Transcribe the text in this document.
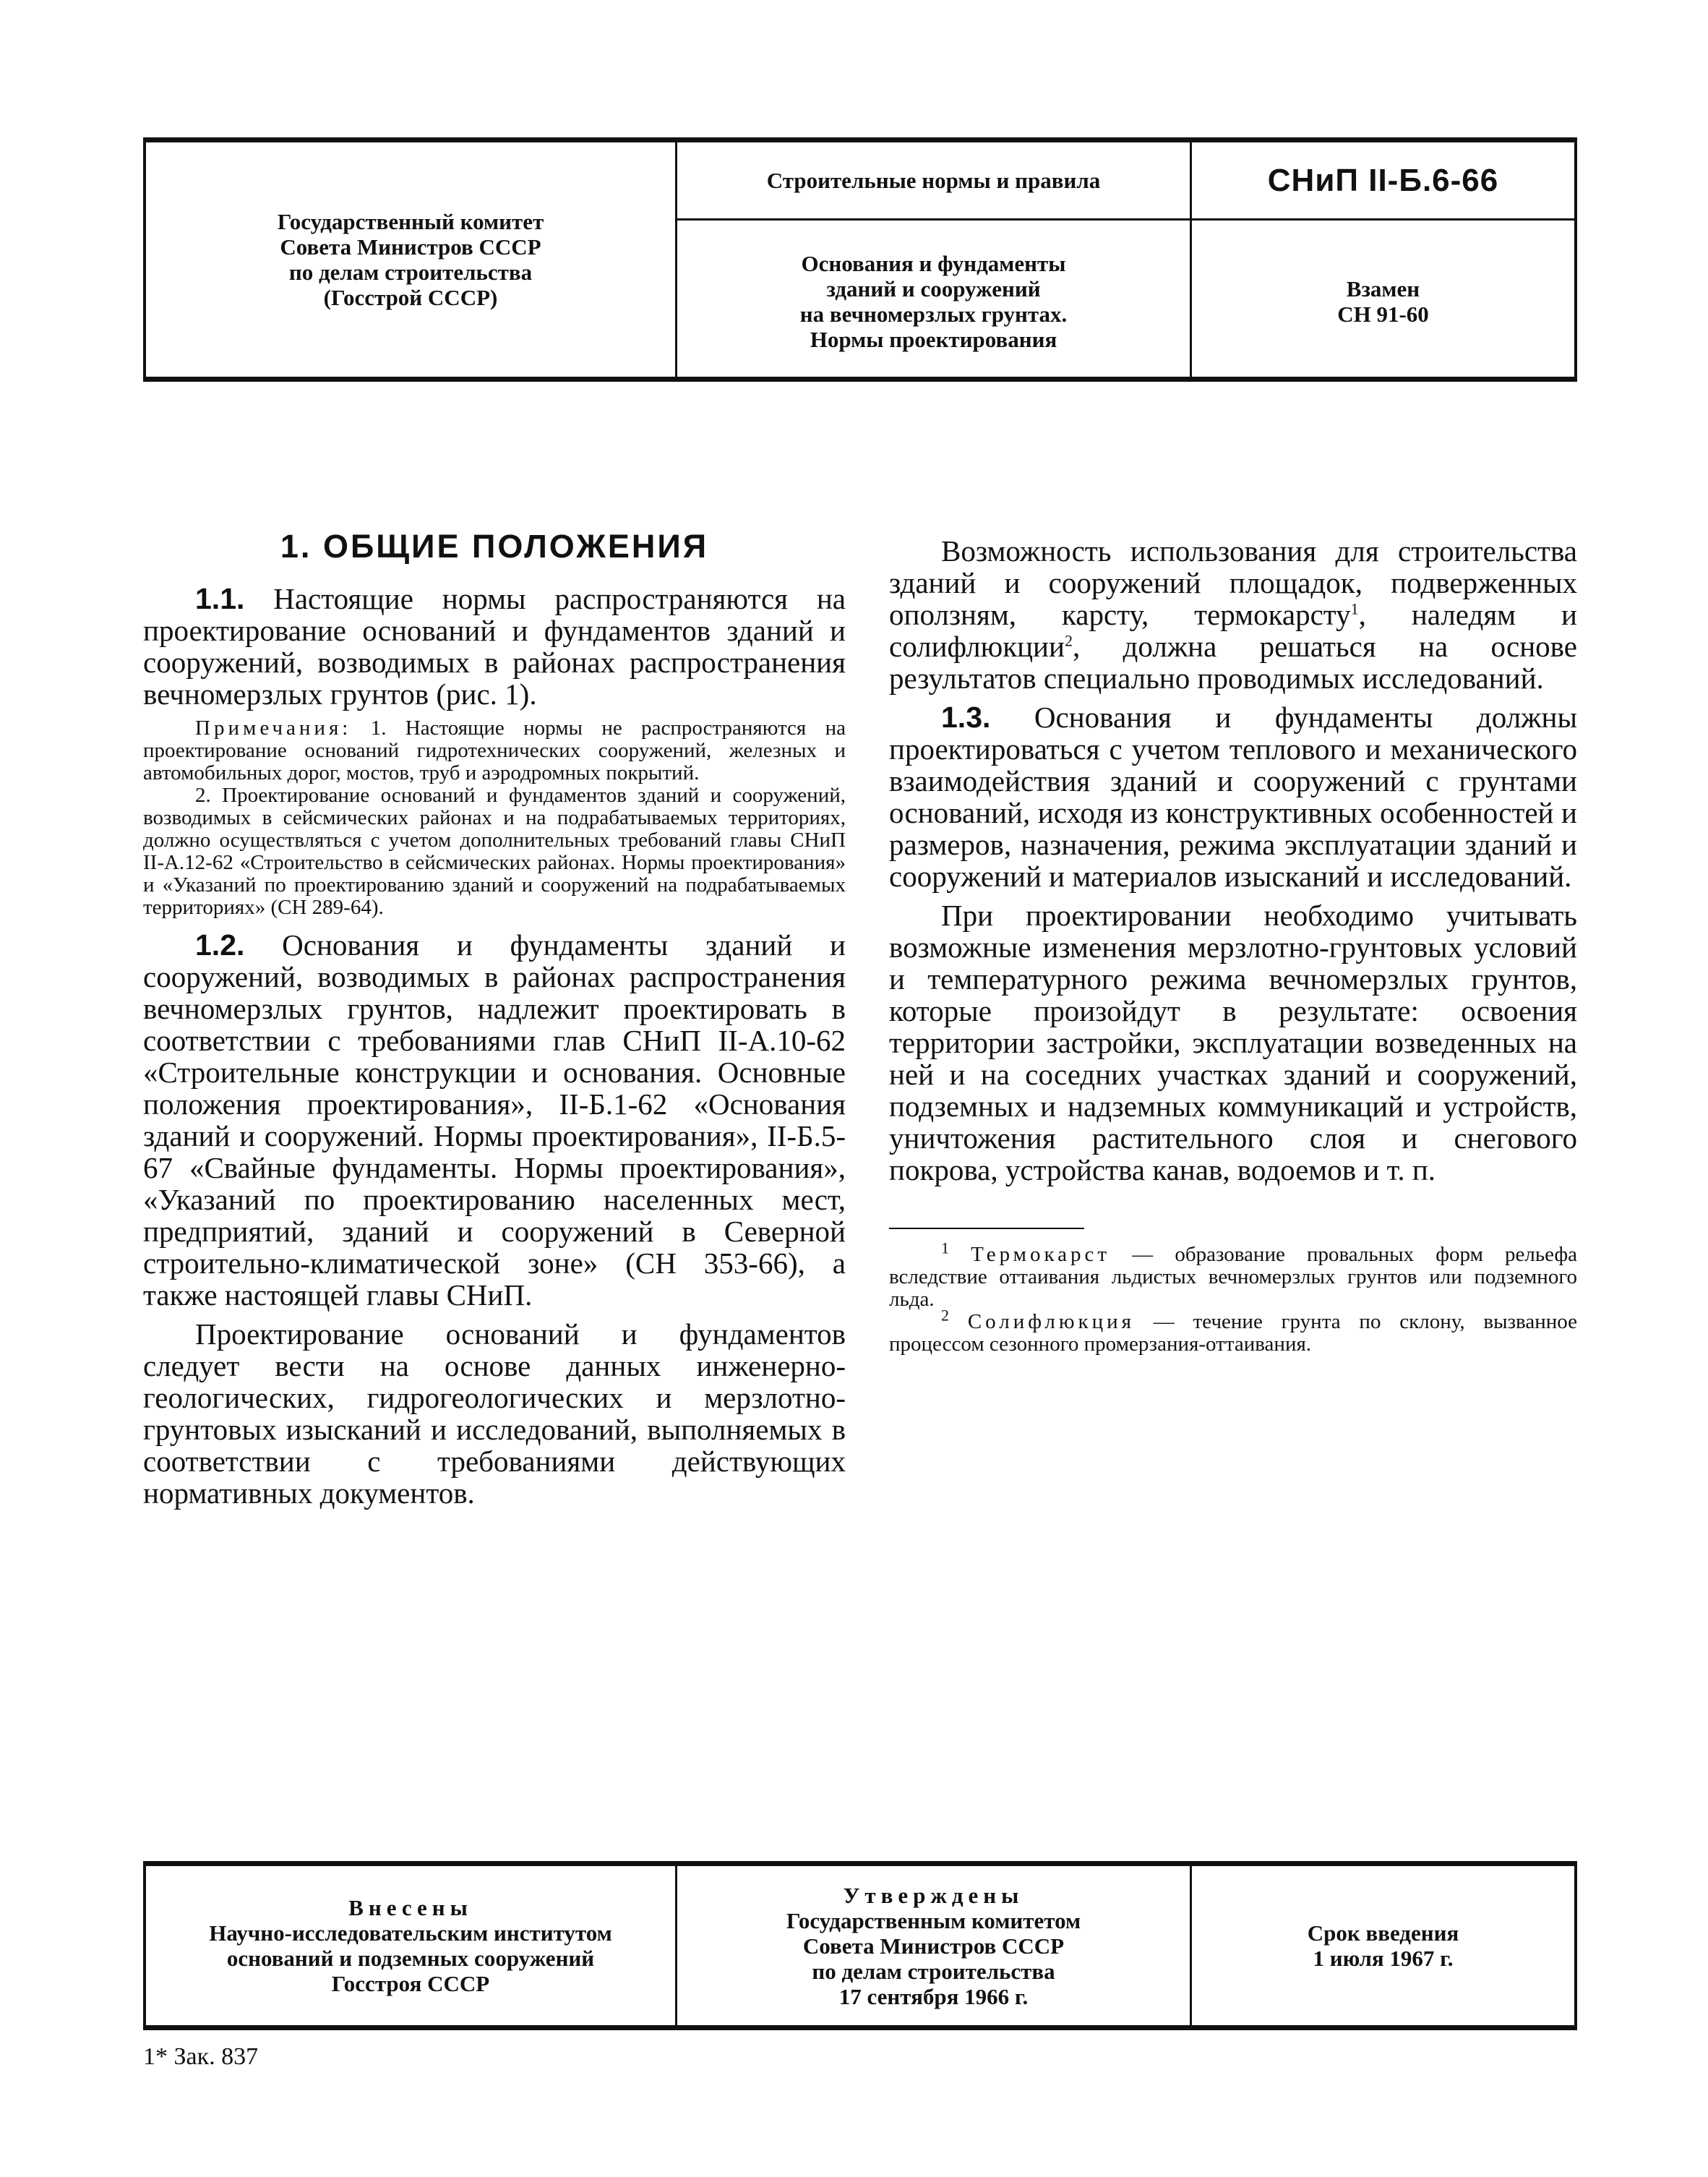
Государственный комитет
Совета Министров СССР
по делам строительства
(Госстрой СССР)
Строительные нормы и правила
Основания и фундаменты
зданий и сооружений
на вечномерзлых грунтах.
Нормы проектирования
СНиП II-Б.6-66
Взамен
СН 91-60
1. ОБЩИЕ ПОЛОЖЕНИЯ

1.1. Настоящие нормы распространяются на проектирование оснований и фундаментов зданий и сооружений, возводимых в районах распространения вечномерзлых грунтов (рис. 1).

Примечания: 1. Настоящие нормы не распространяются на проектирование оснований гидротехнических сооружений, железных и автомобильных дорог, мостов, труб и аэродромных покрытий.

2. Проектирование оснований и фундаментов зданий и сооружений, возводимых в сейсмических районах и на подрабатываемых территориях, должно осуществляться с учетом дополнительных требований главы СНиП II-А.12-62 «Строительство в сейсмических районах. Нормы проектирования» и «Указаний по проектированию зданий и сооружений на подрабатываемых территориях» (СН 289-64).

1.2. Основания и фундаменты зданий и сооружений, возводимых в районах распространения вечномерзлых грунтов, надлежит проектировать в соответствии с требованиями глав СНиП II-А.10-62 «Строительные конструкции и основания. Основные положения проектирования», II-Б.1-62 «Основания зданий и сооружений. Нормы проектирования», II-Б.5-67 «Свайные фундаменты. Нормы проектирования», «Указаний по проектированию населенных мест, предприятий, зданий и сооружений в Северной строительно-климатической зоне» (СН 353-66), а также настоящей главы СНиП.

Проектирование оснований и фундаментов следует вести на основе данных инженерно-геологических, гидрогеологических и мерзлотно-грунтовых изысканий и исследований, выполняемых в соответствии с требованиями действующих нормативных документов.

Возможность использования для строительства зданий и сооружений площадок, подверженных оползням, карсту, термокарсту$^1$, наледям и солифлюкции$^2$, должна решаться на основе результатов специально проводимых исследований.

1.3. Основания и фундаменты должны проектироваться с учетом теплового и механического взаимодействия зданий и сооружений с грунтами оснований, исходя из конструктивных особенностей и размеров, назначения, режима эксплуатации зданий и сооружений и материалов изысканий и исследований.

При проектировании необходимо учитывать возможные изменения мерзлотно-грунтовых условий и температурного режима вечномерзлых грунтов, которые произойдут в результате: освоения территории застройки, эксплуатации возведенных на ней и на соседних участках зданий и сооружений, подземных и надземных коммуникаций и устройств, уничтожения растительного слоя и снегового покрова, устройства канав, водоемов и т. п.

$^1$ Термокарст — образование провальных форм рельефа вследствие оттаивания льдистых вечномерзлых грунтов или подземного льда.

$^2$ Солифлюкция — течение грунта по склону, вызванное процессом сезонного промерзания-оттаивания.

Внесены
Научно-исследовательским институтом
оснований и подземных сооружений
Госстроя СССР
Утверждены
Государственным комитетом
Совета Министров СССР
по делам строительства
17 сентября 1966 г.
Срок введения
1 июля 1967 г.
1* Зак. 837
